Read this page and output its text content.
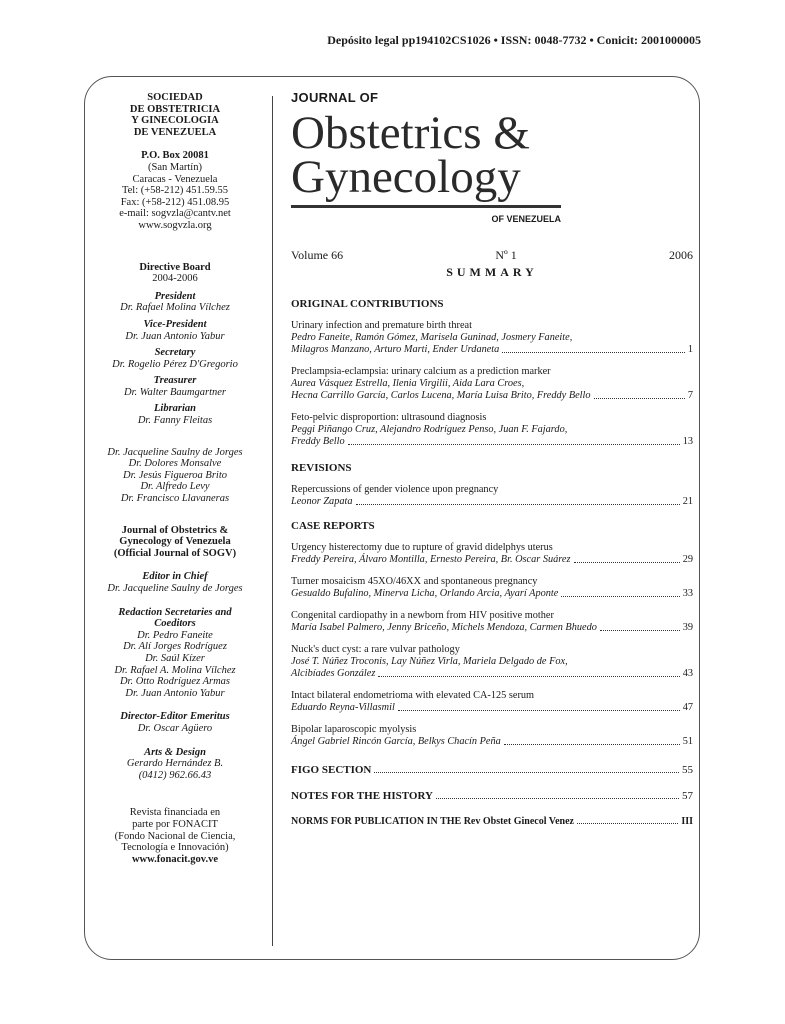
Depósito legal pp194102CS1026 • ISSN: 0048-7732 • Conicit: 2001000005
SOCIEDAD
DE OBSTETRICIA
Y GINECOLOGIA
DE VENEZUELA
P.O. Box 20081
(San Martín)
Caracas - Venezuela
Tel: (+58-212) 451.59.55
Fax: (+58-212) 451.08.95
e-mail: sogvzla@cantv.net
www.sogvzla.org
Directive Board
2004-2006
President
Dr. Rafael Molina Vílchez
Vice-President
Dr. Juan Antonio Yabur
Secretary
Dr. Rogelio Pérez D'Gregorio
Treasurer
Dr. Walter Baumgartner
Librarian
Dr. Fanny Fleitas
Dr. Jacqueline Saulny de Jorges
Dr. Dolores Monsalve
Dr. Jesús Figueroa Brito
Dr. Alfredo Levy
Dr. Francisco Llavaneras
Journal of Obstetrics &
Gynecology of Venezuela
(Official Journal of SOGV)
Editor in Chief
Dr. Jacqueline Saulny de Jorges
Redaction Secretaries and
Coeditors
Dr. Pedro Faneite
Dr. Alí Jorges Rodríguez
Dr. Saúl Kízer
Dr. Rafael A. Molina Vílchez
Dr. Otto Rodríguez Armas
Dr. Juan Antonio Yabur
Director-Editor Emeritus
Dr. Oscar Agüero
Arts & Design
Gerardo Hernández B.
(0412) 962.66.43
Revista financiada en
parte por FONACIT
(Fondo Nacional de Ciencia,
Tecnología e Innovación)
www.fonacit.gov.ve
JOURNAL OF
Obstetrics &
Gynecology
OF VENEZUELA
Volume 66	Nº 1	2006
SUMMARY
ORIGINAL CONTRIBUTIONS
Urinary infection and premature birth threat
Pedro Faneite, Ramón Gómez, Marisela Guninad, Josmery Faneite,
Milagros Manzano, Arturo Marti, Ender Urdaneta	1
Preclampsia-eclampsia: urinary calcium as a prediction marker
Aurea Vásquez Estrella, Ilenia Virgilii, Aida Lara Croes,
Hecna Carrillo García, Carlos Lucena, María Luisa Brito, Freddy Bello	7
Feto-pelvic disproportion: ultrasound diagnosis
Peggi Piñango Cruz, Alejandro Rodríguez Penso, Juan F. Fajardo,
Freddy Bello	13
REVISIONS
Repercussions of gender violence upon pregnancy
Leonor Zapata	21
CASE REPORTS
Urgency histerectomy due to rupture of gravid didelphys uterus
Freddy Pereira, Álvaro Montilla, Ernesto Pereira, Br. Oscar Suárez	29
Turner mosaicism 45XO/46XX and spontaneous pregnancy
Gesualdo Bufalino, Minerva Licha, Orlando Arcia, Ayarí Aponte	33
Congenital cardiopathy in a newborn from HIV positive mother
María Isabel Palmero, Jenny Briceño, Michels Mendoza, Carmen Bhuedo	39
Nuck's duct cyst: a rare vulvar pathology
José T. Núñez Troconis, Lay Núñez Virla, Mariela Delgado de Fox,
Alcibíades González	43
Intact bilateral endometrioma with elevated CA-125 serum
Eduardo Reyna-Villasmil	47
Bipolar laparoscopic myolysis
Ángel Gabriel Rincón García, Belkys Chacín Peña	51
FIGO SECTION	55
NOTES FOR THE HISTORY	57
NORMS FOR PUBLICATION IN THE Rev Obstet Ginecol Venez	III
